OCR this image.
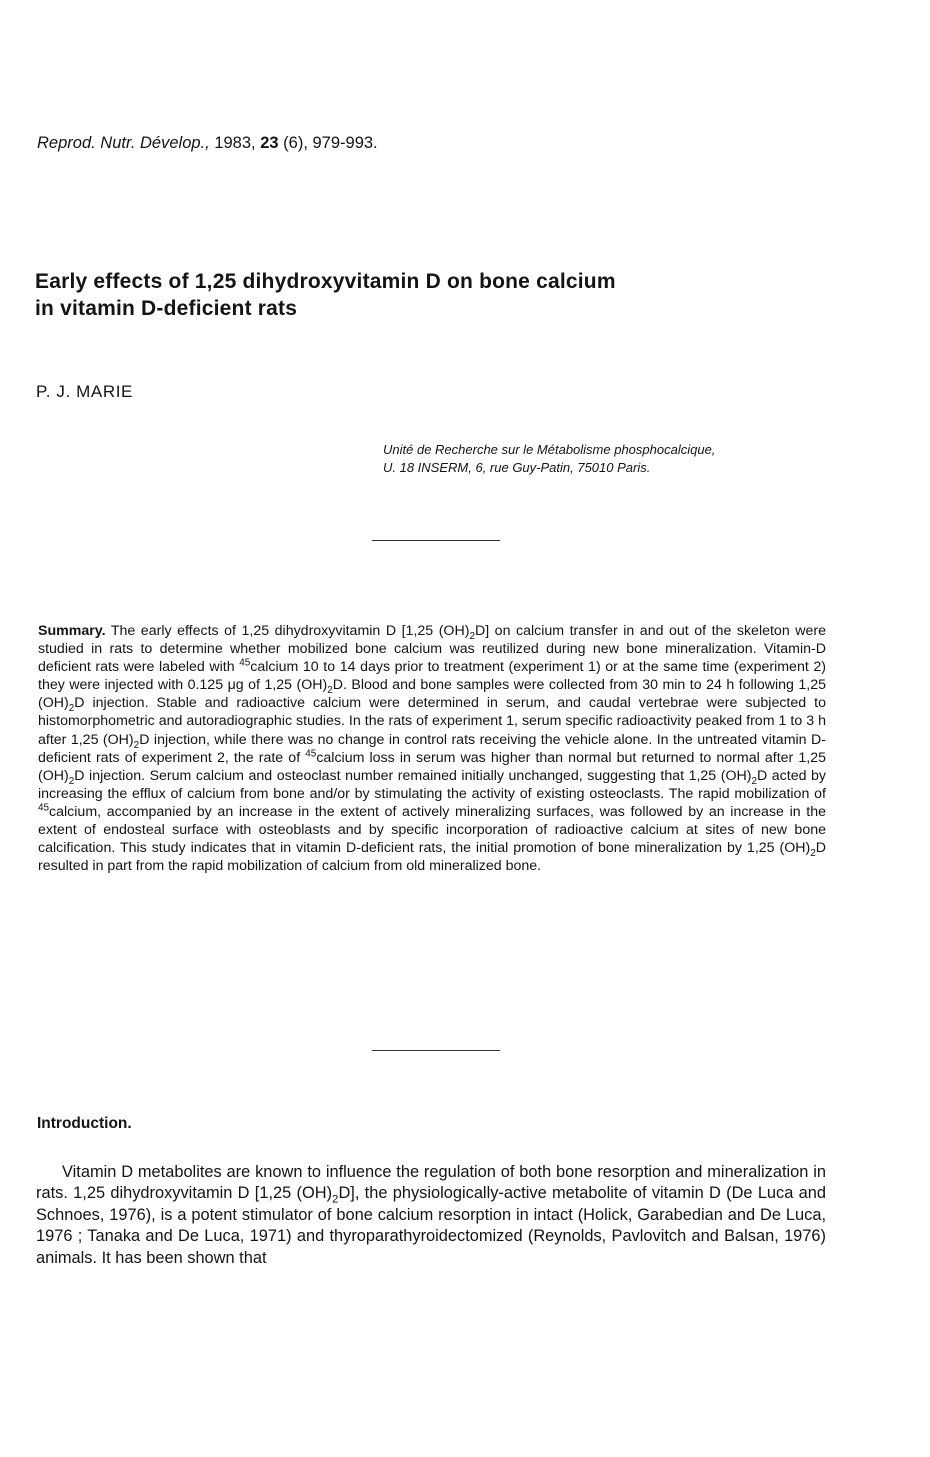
Reprod. Nutr. Dévelop., 1983, 23 (6), 979-993.
Early effects of 1,25 dihydroxyvitamin D on bone calcium
in vitamin D-deficient rats
P. J. MARIE
Unité de Recherche sur le Métabolisme phosphocalcique,
U. 18 INSERM, 6, rue Guy-Patin, 75010 Paris.
Summary. The early effects of 1,25 dihydroxyvitamin D [1,25 $(OH)_2D$] on calcium transfer in and out of the skeleton were studied in rats to determine whether mobilized bone calcium was reutilized during new bone mineralization. Vitamin-D deficient rats were labeled with $^{45}$calcium 10 to 14 days prior to treatment (experiment 1) or at the same time (experiment 2) they were injected with 0.125 μg of 1,25 $(OH)_2D$. Blood and bone samples were collected from 30 min to 24 h following 1,25 $(OH)_2D$ injection. Stable and radioactive calcium were determined in serum, and caudal vertebrae were subjected to histomorphometric and autoradiographic studies. In the rats of experiment 1, serum specific radioactivity peaked from 1 to 3 h after 1,25 $(OH)_2D$ injection, while there was no change in control rats receiving the vehicle alone. In the untreated vitamin D-deficient rats of experiment 2, the rate of $^{45}$calcium loss in serum was higher than normal but returned to normal after 1,25 $(OH)_2D$ injection. Serum calcium and osteoclast number remained initially unchanged, suggesting that 1,25 $(OH)_2D$ acted by increasing the efflux of calcium from bone and/or by stimulating the activity of existing osteoclasts. The rapid mobilization of $^{45}$calcium, accompanied by an increase in the extent of actively mineralizing surfaces, was followed by an increase in the extent of endosteal surface with osteoblasts and by specific incorporation of radioactive calcium at sites of new bone calcification. This study indicates that in vitamin D-deficient rats, the initial promotion of bone mineralization by 1,25 $(OH)_2D$ resulted in part from the rapid mobilization of calcium from old mineralized bone.
Introduction.
Vitamin D metabolites are known to influence the regulation of both bone resorption and mineralization in rats. 1,25 dihydroxyvitamin D [1,25 $(OH)_2D$], the physiologically-active metabolite of vitamin D (De Luca and Schnoes, 1976), is a potent stimulator of bone calcium resorption in intact (Holick, Garabedian and De Luca, 1976 ; Tanaka and De Luca, 1971) and thyroparathyroidectomized (Reynolds, Pavlovitch and Balsan, 1976) animals. It has been shown that
